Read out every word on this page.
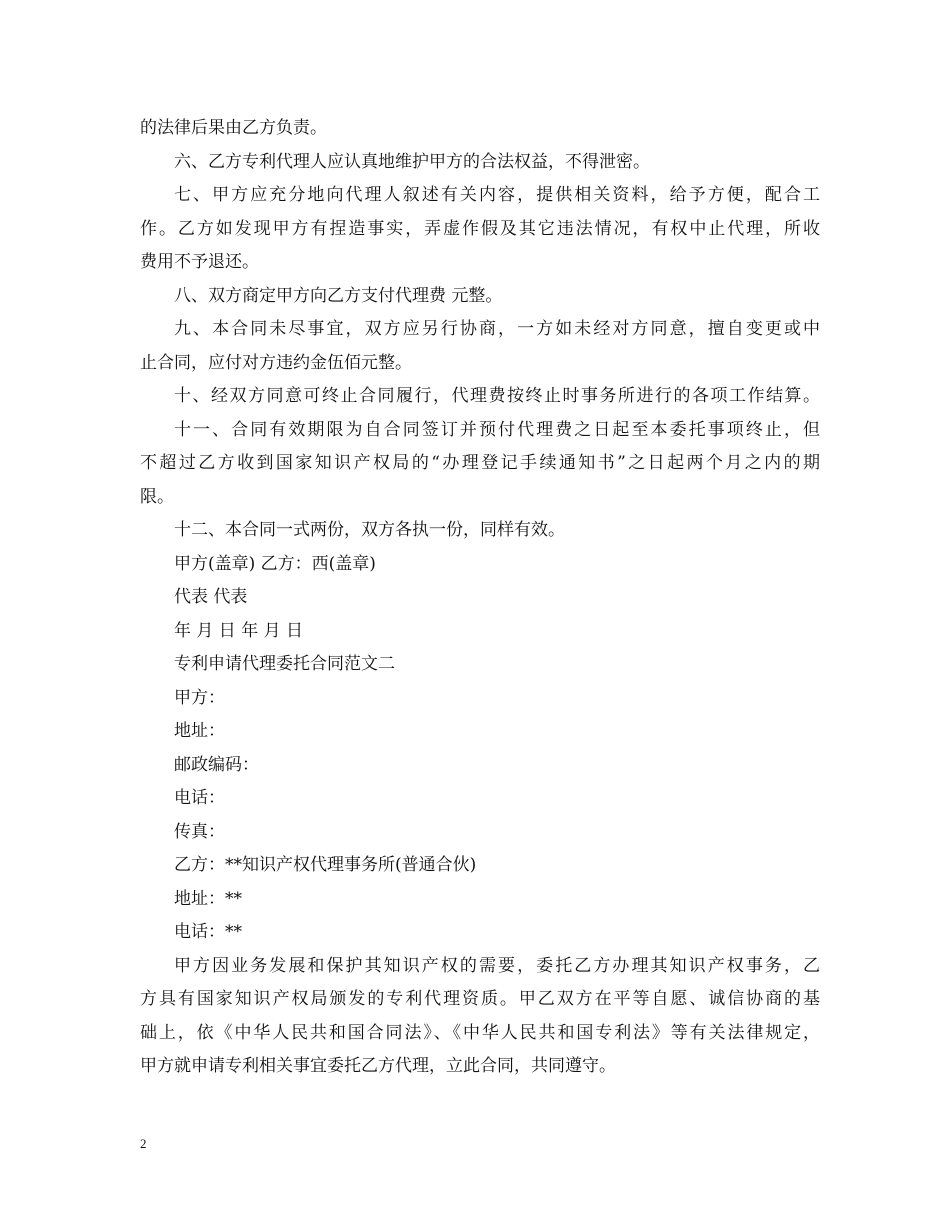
的法律后果由乙方负责。
六、乙方专利代理人应认真地维护甲方的合法权益，不得泄密。
七、甲方应充分地向代理人叙述有关内容，提供相关资料，给予方便，配合工
作。乙方如发现甲方有捏造事实，弄虚作假及其它违法情况，有权中止代理，所收
费用不予退还。
八、双方商定甲方向乙方支付代理费 元整。
九、本合同未尽事宜，双方应另行协商，一方如未经对方同意，擅自变更或中
止合同，应付对方违约金伍佰元整。
十、经双方同意可终止合同履行，代理费按终止时事务所进行的各项工作结算。
十一、合同有效期限为自合同签订并预付代理费之日起至本委托事项终止，但
不超过乙方收到国家知识产权局的“办理登记手续通知书”之日起两个月之内的期
限。
十二、本合同一式两份，双方各执一份，同样有效。
甲方(盖章) 乙方：西(盖章)
代表 代表
年 月 日 年 月 日
专利申请代理委托合同范文二
甲方：
地址：
邮政编码：
电话：
传真：
乙方：**知识产权代理事务所(普通合伙)
地址：**
电话：**
甲方因业务发展和保护其知识产权的需要，委托乙方办理其知识产权事务，乙
方具有国家知识产权局颁发的专利代理资质。甲乙双方在平等自愿、诚信协商的基
础上，依《中华人民共和国合同法》、《中华人民共和国专利法》等有关法律规定，
甲方就申请专利相关事宜委托乙方代理，立此合同，共同遵守。
2
